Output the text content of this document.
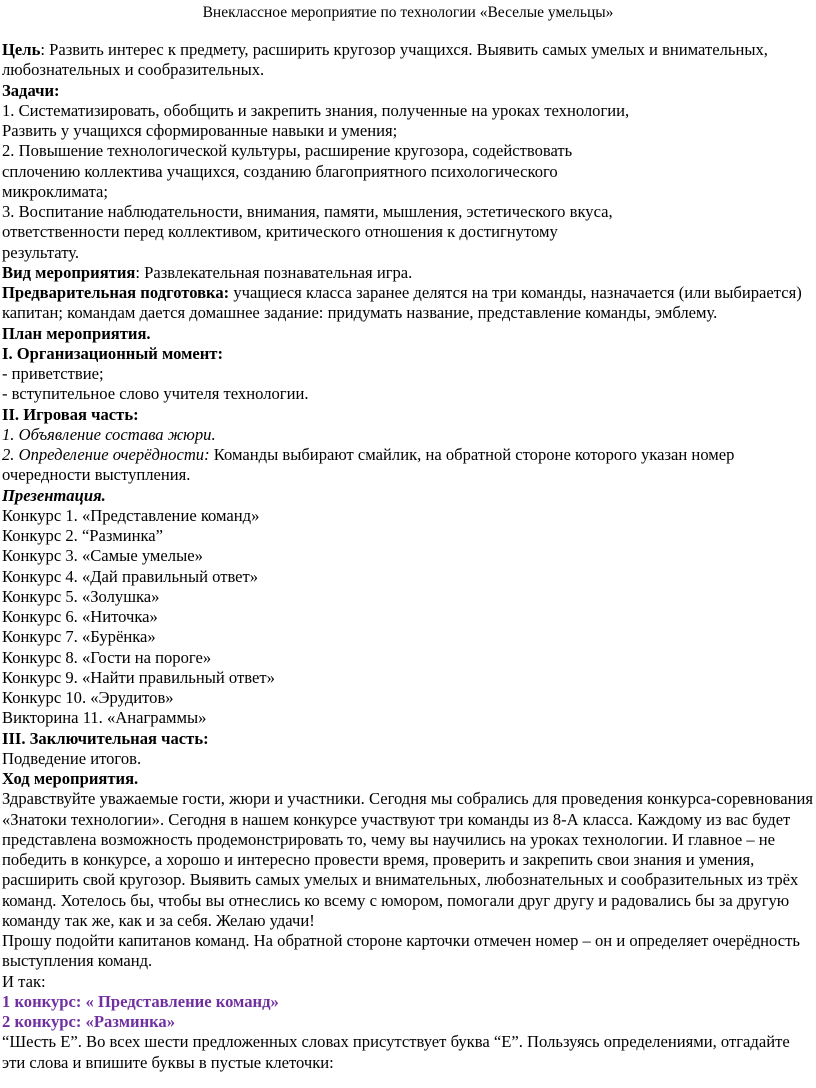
Внеклассное мероприятие по технологии «Веселые умельцы»

Цель: Развить интерес к предмету, расширить кругозор учащихся. Выявить самых умелых и внимательных, любознательных и сообразительных.

Задачи:

1. Систематизировать, обобщить и закрепить знания, полученные на уроках технологии,

Развить у учащихся сформированные навыки и умения;

2. Повышение технологической культуры, расширение кругозора, содействовать

сплочению коллектива учащихся, созданию благоприятного психологического

микроклимата;

3. Воспитание наблюдательности, внимания, памяти, мышления, эстетического вкуса,

ответственности перед коллективом, критического отношения к достигнутому

результату.

Вид мероприятия: Развлекательная познавательная игра.

Предварительная подготовка: учащиеся класса заранее делятся на три команды, назначается (или выбирается) капитан; командам дается домашнее задание: придумать название, представление команды, эмблему.

План мероприятия.

I. Организационный момент:

- приветствие;

- вступительное слово учителя технологии.

II. Игровая часть:

1. Объявление состава жюри.

2. Определение очерёдности: Команды выбирают смайлик, на обратной стороне которого указан номер очередности выступления.

Презентация.

Конкурс 1. «Представление команд»

Конкурс 2. “Разминка”

Конкурс 3. «Самые умелые»

Конкурс 4. «Дай правильный ответ»

Конкурс 5. «Золушка»

Конкурс 6. «Ниточка»

Конкурс 7. «Бурёнка»

Конкурс 8. «Гости на пороге»

Конкурс 9. «Найти правильный ответ»

Конкурс 10. «Эрудитов»

Викторина 11. «Анаграммы»

III. Заключительная часть:

Подведение итогов.

Ход мероприятия.

Здравствуйте уважаемые гости, жюри и участники. Сегодня мы собрались для проведения конкурса-соревнования «Знатоки технологии». Сегодня в нашем конкурсе участвуют три команды из 8-А класса. Каждому из вас будет представлена возможность продемонстрировать то, чему вы научились на уроках технологии. И главное – не победить в конкурсе, а хорошо и интересно провести время, проверить и закрепить свои знания и умения, расширить свой кругозор. Выявить самых умелых и внимательных, любознательных и сообразительных из трёх команд. Хотелось бы, чтобы вы отнеслись ко всему с юмором, помогали друг другу и радовались бы за другую команду так же, как и за себя. Желаю удачи!

Прошу подойти капитанов команд. На обратной стороне карточки отмечен номер – он и определяет очерёдность выступления команд.

И так:

1 конкурс: « Представление команд»

2 конкурс: «Разминка»

“Шесть Е”. Во всех шести предложенных словах присутствует буква “Е”. Пользуясь определениями, отгадайте эти слова и впишите буквы в пустые клеточки:
